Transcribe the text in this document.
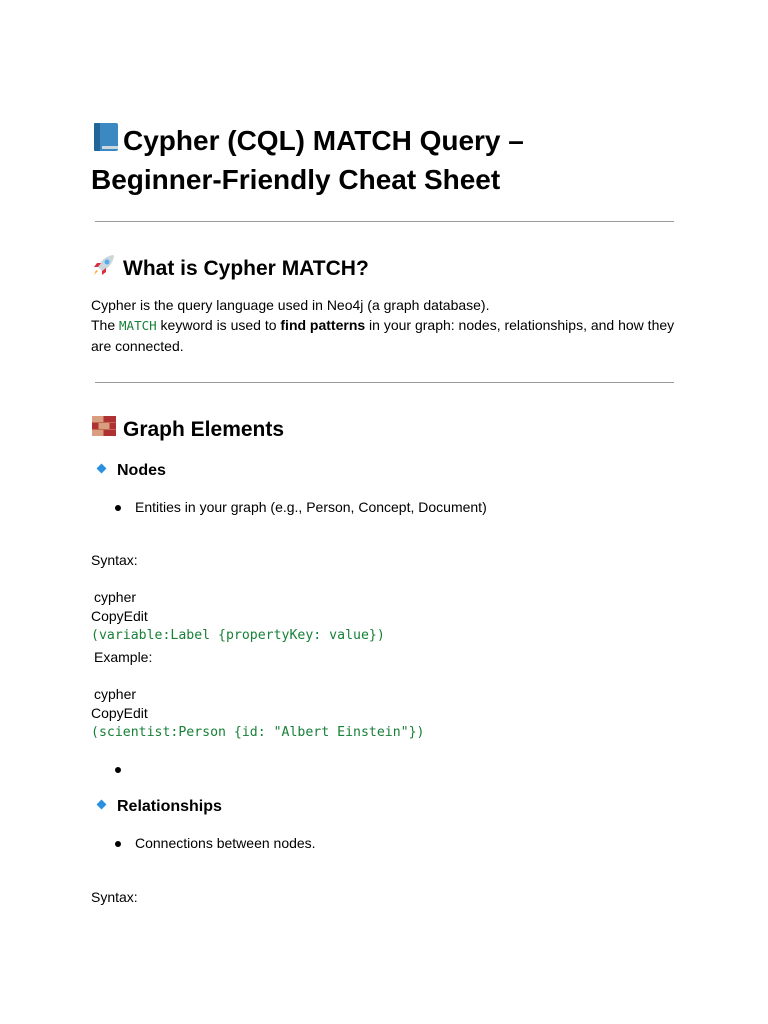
Cypher (CQL) MATCH Query –
Beginner-Friendly Cheat Sheet
What is Cypher MATCH?
Cypher is the query language used in Neo4j (a graph database).
The MATCH keyword is used to find patterns in your graph: nodes, relationships, and how they
are connected.
Graph Elements
Nodes
Entities in your graph (e.g., Person, Concept, Document)
Syntax:
cypher
CopyEdit
(variable:Label {propertyKey: value})
Example:
cypher
CopyEdit
(scientist:Person {id: "Albert Einstein"})
Relationships
Connections between nodes.
Syntax:
